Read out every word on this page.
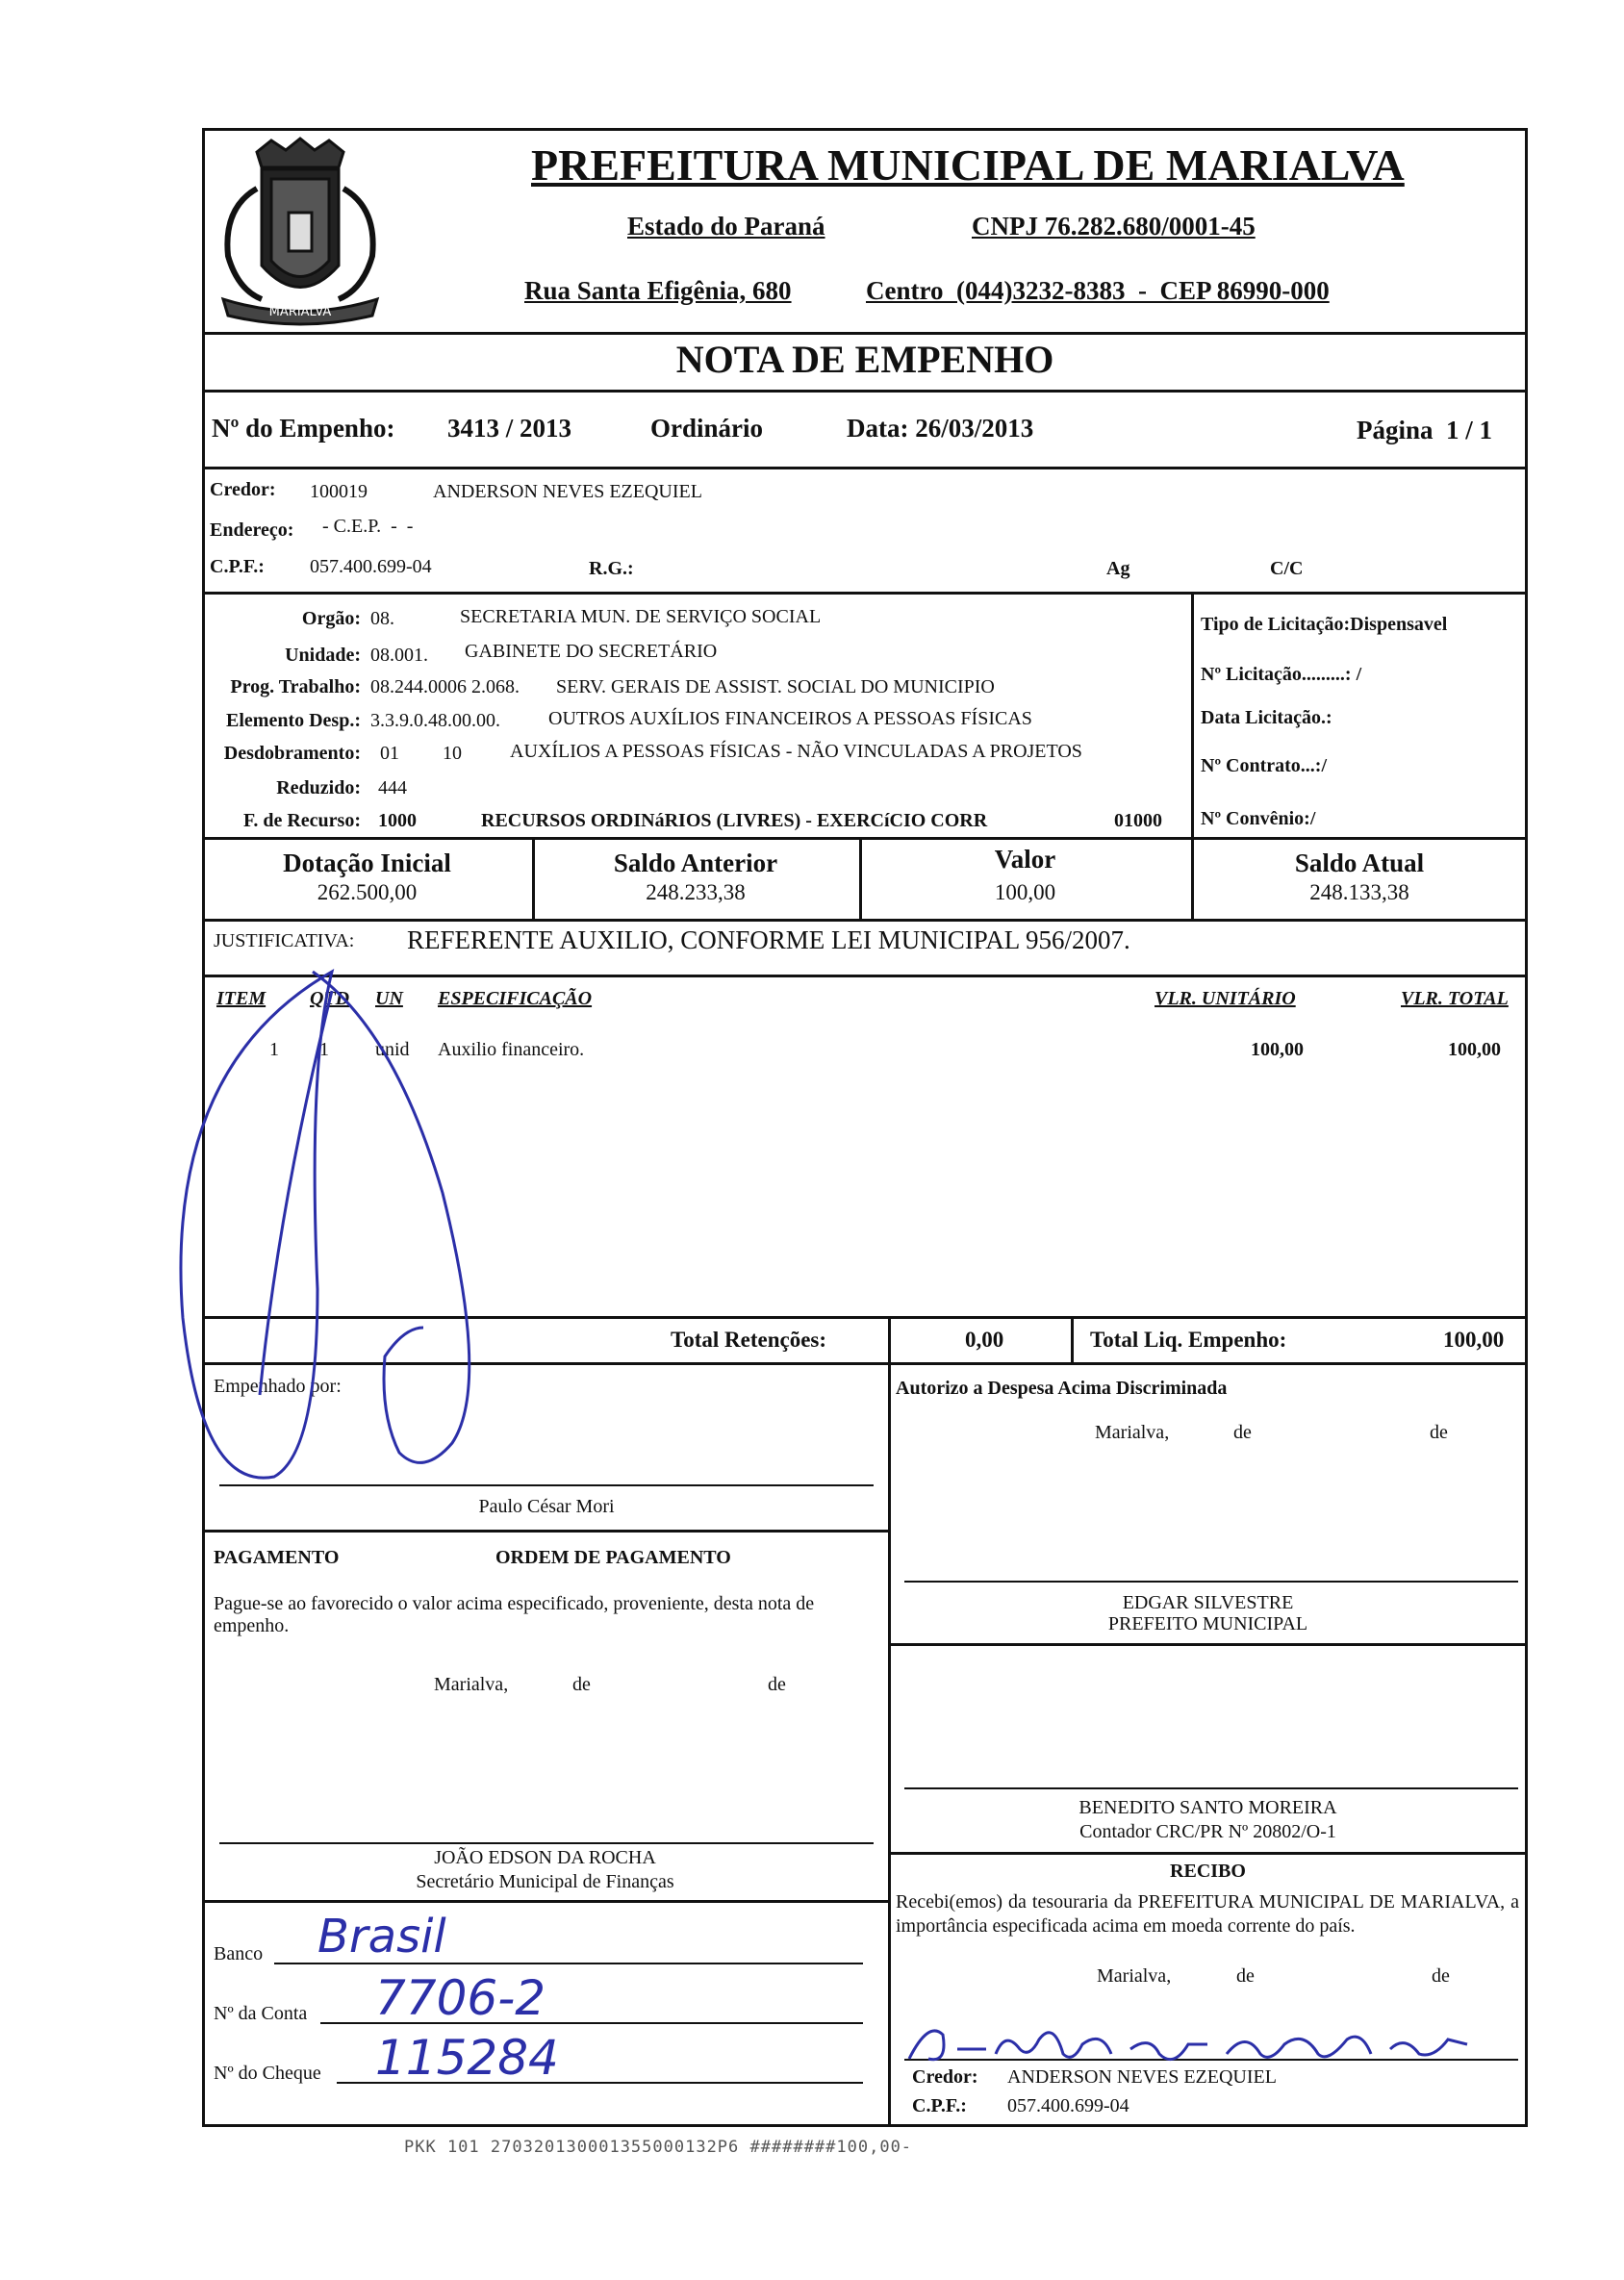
MARIALVA
PREFEITURA MUNICIPAL DE MARIALVA
Estado do Paraná	CNPJ 76.282.680/0001-45
Rua Santa Efigênia, 680	Centro  (044)3232-8383  -  CEP 86990-000
NOTA DE EMPENHO
Nº do Empenho: 3413 / 2013	Ordinário	Data: 26/03/2013	Página  1 / 1
Credor: 100019	ANDERSON NEVES EZEQUIEL
Endereço: - C.E.P.  -  -
C.P.F.: 057.400.699-04	R.G.:	Ag	C/C
Orgão: 08.	SECRETARIA MUN. DE SERVIÇO SOCIAL
Unidade: 08.001. GABINETE DO SECRETÁRIO
Prog. Trabalho: 08.244.0006 2.068. SERV. GERAIS DE ASSIST. SOCIAL DO MUNICIPIO
Elemento Desp.: 3.3.9.0.48.00.00.	OUTROS AUXÍLIOS FINANCEIROS A PESSOAS FÍSICAS
Desdobramento: 01 10	AUXÍLIOS A PESSOAS FÍSICAS - NÃO VINCULADAS A PROJETOS
Reduzido: 444
F. de Recurso: 1000	RECURSOS ORDINáRIOS (LIVRES) - EXERCíCIO CORR	01000
Tipo de Licitação:Dispensavel
Nº Licitação.........: /
Data Licitação.:
Nº Contrato...:/
Nº Convênio:/
Dotação Inicial
262.500,00
Saldo Anterior
248.233,38
Valor
100,00
Saldo Atual
248.133,38
JUSTIFICATIVA: REFERENTE AUXILIO, CONFORME LEI MUNICIPAL 956/2007.
ITEM QTD UN ESPECIFICAÇÃO	VLR. UNITÁRIO	VLR. TOTAL
1 1 unid Auxilio financeiro.	100,00	100,00
Total Retenções:	0,00	Total Liq. Empenho:	100,00
Empenhado por:
Paulo César Mori
Autorizo a Despesa Acima Discriminada
Marialva,	de	de
EDGAR SILVESTRE
PREFEITO MUNICIPAL
PAGAMENTO	ORDEM DE PAGAMENTO
Pague-se ao favorecido o valor acima especificado, proveniente, desta nota de empenho.
Marialva,	de	de
JOÃO EDSON DA ROCHA
Secretário Municipal de Finanças
BENEDITO SANTO MOREIRA
Contador CRC/PR Nº 20802/O-1
RECIBO
Recebi(emos) da tesouraria da PREFEITURA MUNICIPAL DE MARIALVA, a importância especificada acima em moeda corrente do país.
Marialva,	de	de
Credor: ANDERSON NEVES EZEQUIEL
C.P.F.: 057.400.699-04
Banco Brasil
Nº da Conta 7706-2
Nº do Cheque 115284
PKK 101 270320130001355000132P6 ########100,00-
